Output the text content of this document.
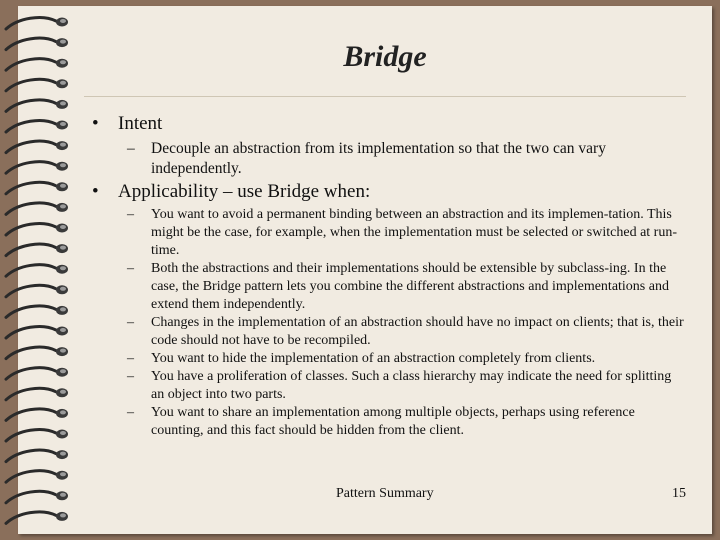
Bridge
• Intent
– Decouple an abstraction from its implementation so that the two can vary independently.
• Applicability – use Bridge when:
– You want to avoid a permanent binding between an abstraction and its implemen-tation. This might be the case, for example, when the implementation must be selected or switched at run-time.
– Both the abstractions and their implementations should be extensible by subclass-ing. In the case, the Bridge pattern lets you combine the different abstractions and implementations and extend them independently.
– Changes in the implementation of an abstraction should have no impact on clients; that is, their code should not have to be recompiled.
– You want to hide the implementation of an abstraction completely from clients.
– You have a proliferation of classes. Such a class hierarchy may indicate the need for splitting an object into two parts.
– You want to share an implementation among multiple objects, perhaps using reference counting, and this fact should be hidden from the client.
Pattern Summary	15
